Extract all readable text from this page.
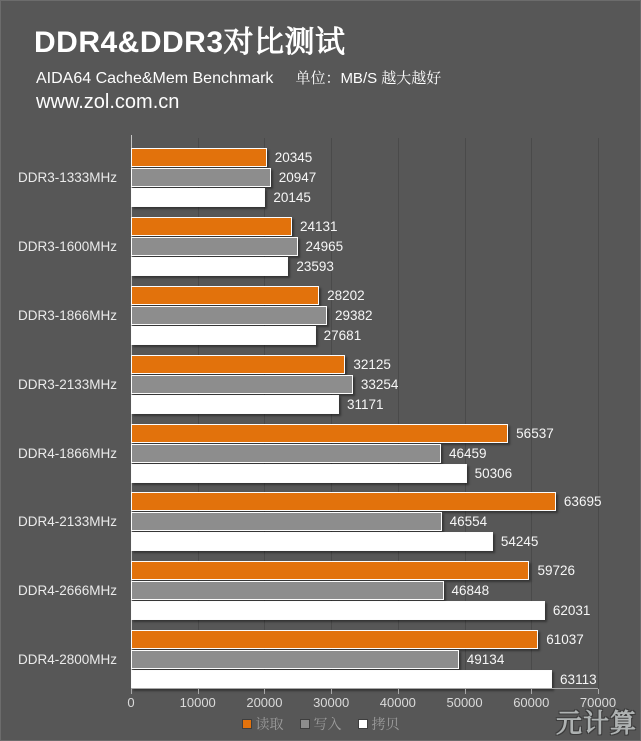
DDR4&DDR3对比测试
AIDA64 Cache&Mem Benchmark 单位：MB/S 越大越好
www.zol.com.cn
DDR3-1333MHz
20345
20947
20145
DDR3-1600MHz
24131
24965
23593
DDR3-1866MHz
28202
29382
27681
DDR3-2133MHz
32125
33254
31171
DDR4-1866MHz
56537
46459
50306
DDR4-2133MHz
63695
46554
54245
DDR4-2666MHz
59726
46848
62031
DDR4-2800MHz
61037
49134
63113
0	10000 20000 30000 40000 50000 60000 70000
读取 写入 拷贝	元计算
